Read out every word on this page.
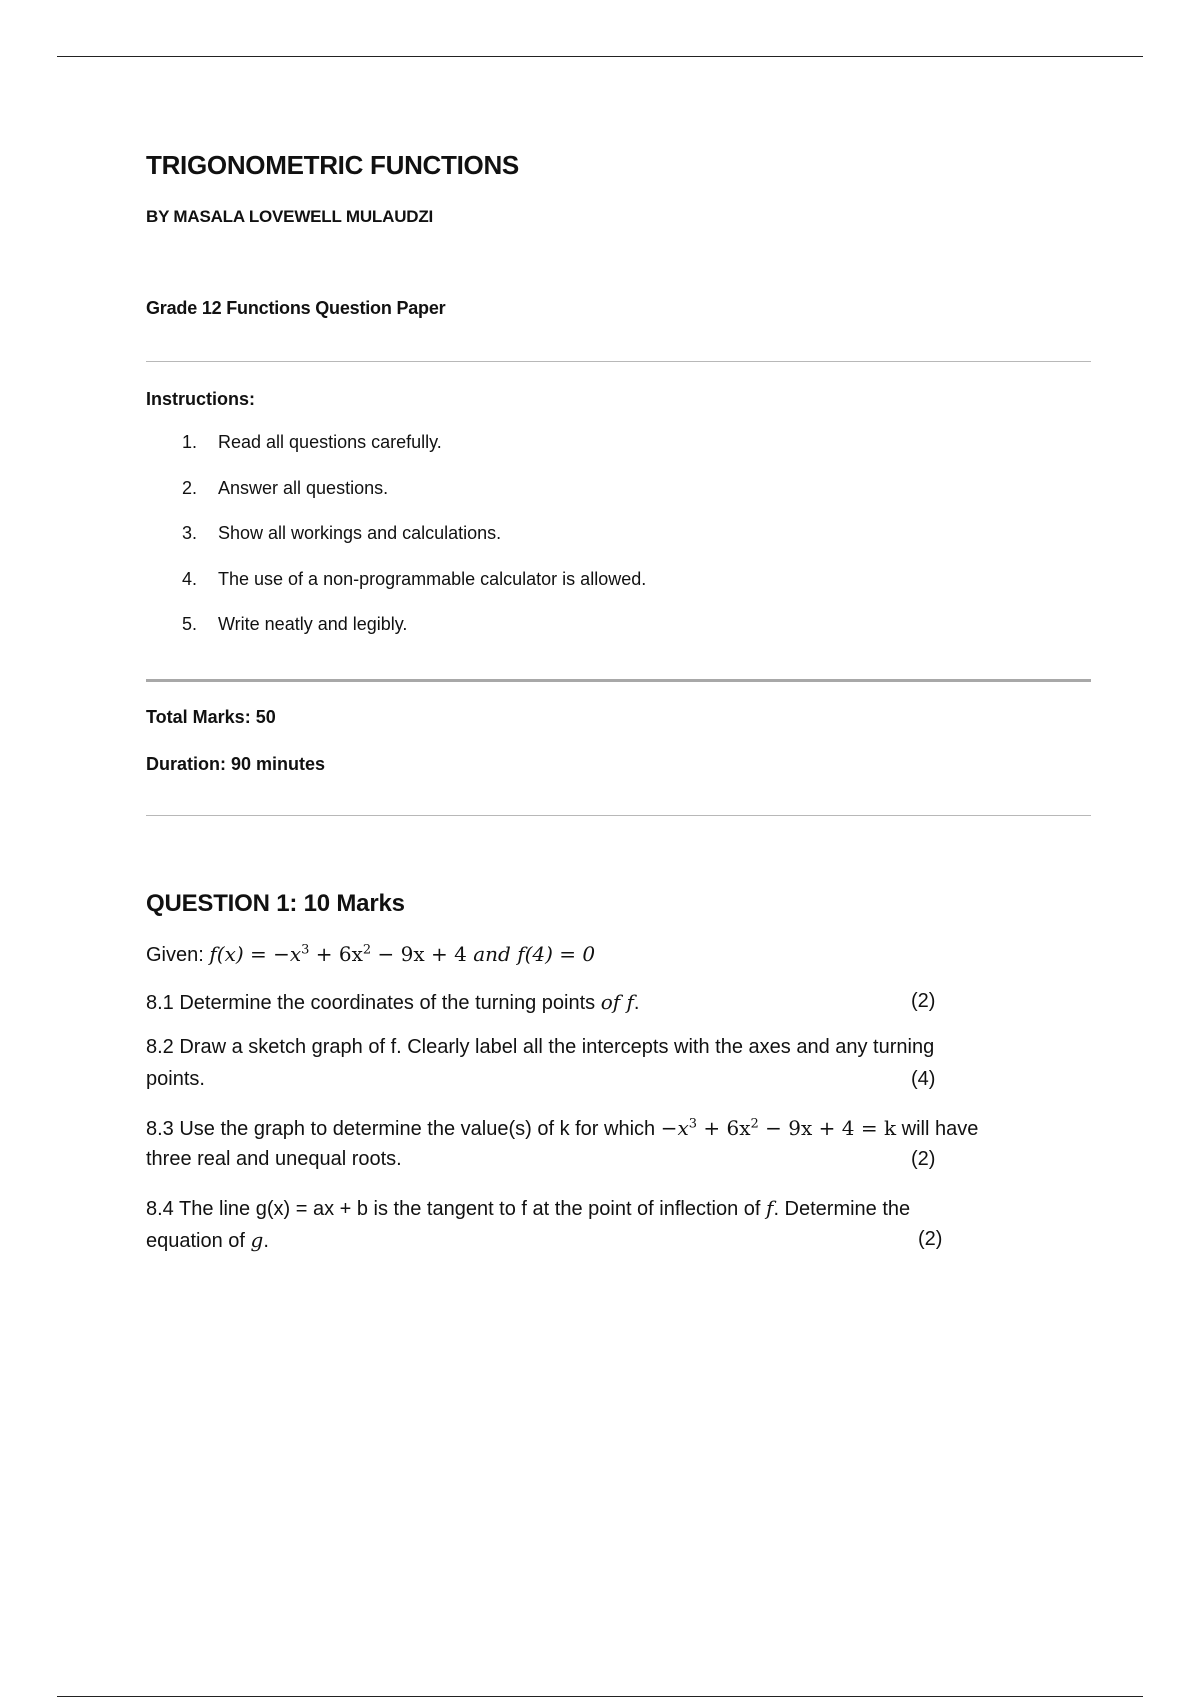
TRIGONOMETRIC FUNCTIONS
BY MASALA LOVEWELL MULAUDZI
Grade 12 Functions Question Paper
Instructions:
1. Read all questions carefully.
2. Answer all questions.
3. Show all workings and calculations.
4. The use of a non-programmable calculator is allowed.
5. Write neatly and legibly.
Total Marks: 50
Duration: 90 minutes
QUESTION 1: 10 Marks
Given: $f(x) = -x^3 + 6x^2 - 9x + 4$ and f(4) = 0
8.1 Determine the coordinates of the turning points of f.	(2)
8.2 Draw a sketch graph of f. Clearly label all the intercepts with the axes and any turning
points.	(4)
8.3 Use the graph to determine the value(s) of k for which $-x^3 + 6x^2 - 9x + 4 = k$ will have
three real and unequal roots.	(2)
8.4 The line g(x) = ax + b is the tangent to f at the point of inflection of f. Determine the
equation of g.	(2)
